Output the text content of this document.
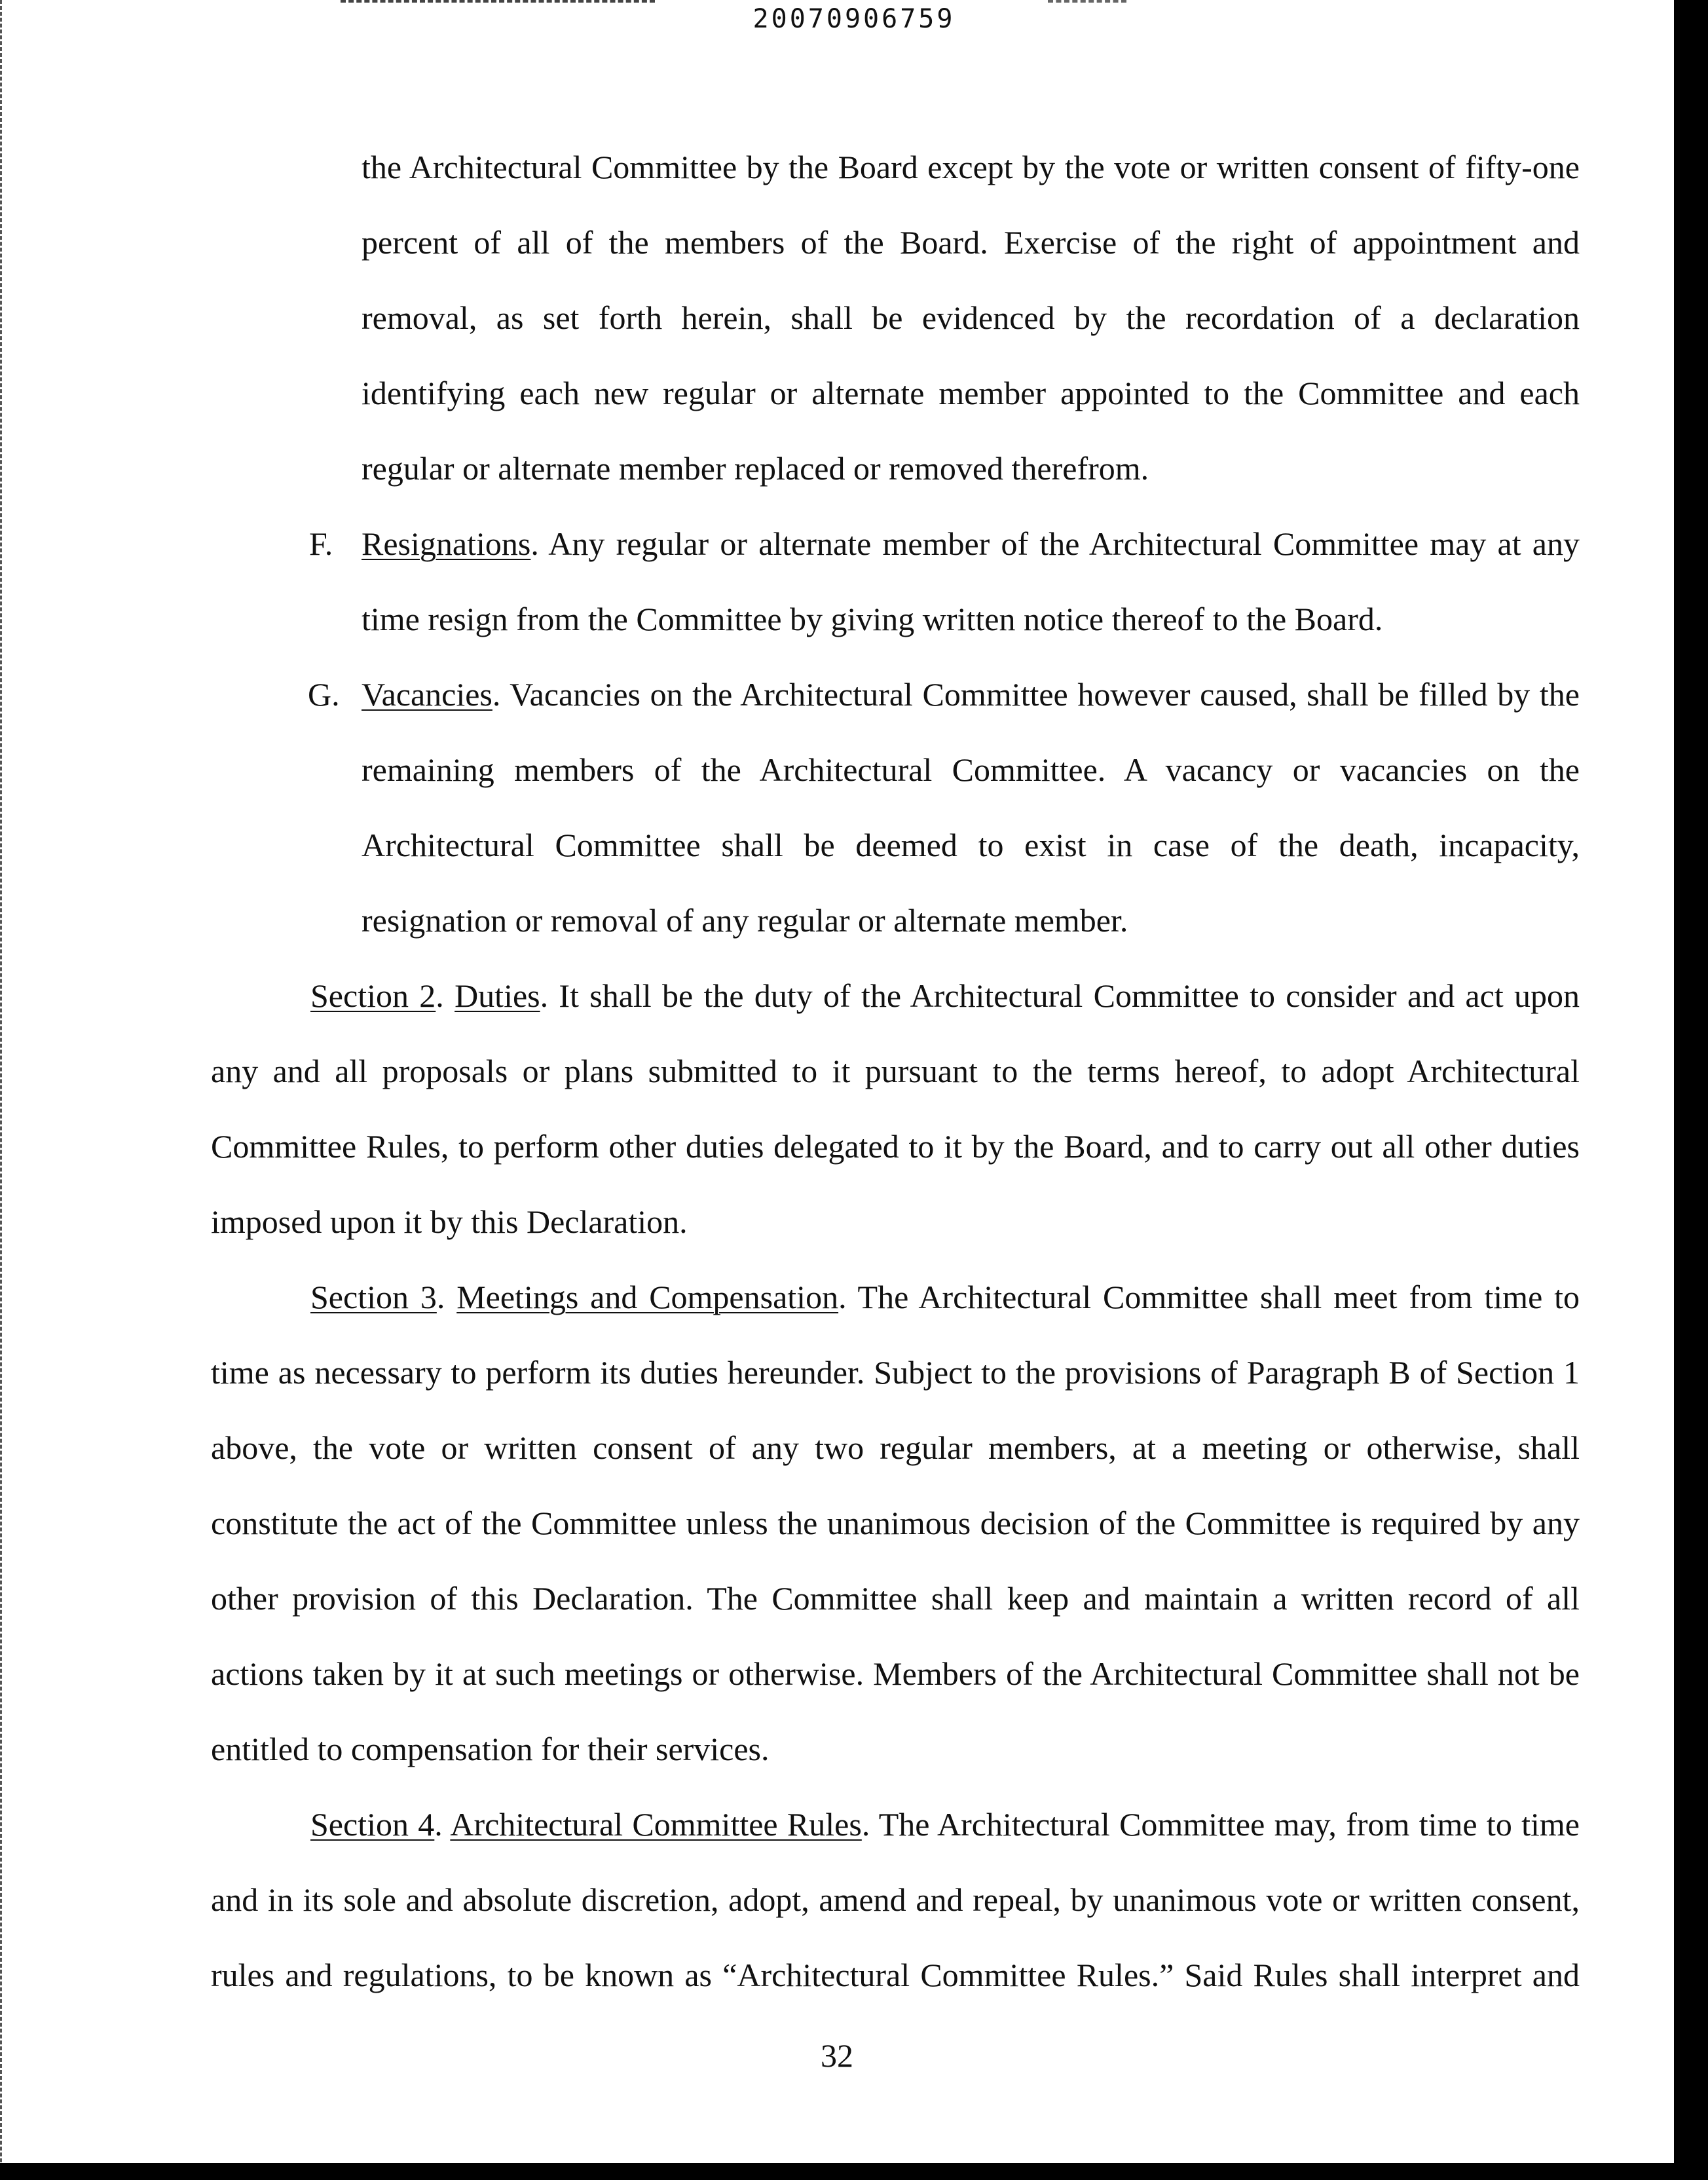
20070906759
the Architectural Committee by the Board except by the vote or written consent of fifty-one
percent of all of the members of the Board. Exercise of the right of appointment and
removal, as set forth herein, shall be evidenced by the recordation of a declaration
identifying each new regular or alternate member appointed to the Committee and each
regular or alternate member replaced or removed therefrom.
F. Resignations. Any regular or alternate member of the Architectural Committee may at any
time resign from the Committee by giving written notice thereof to the Board.
G. Vacancies. Vacancies on the Architectural Committee however caused, shall be filled by the
remaining members of the Architectural Committee. A vacancy or vacancies on the
Architectural Committee shall be deemed to exist in case of the death, incapacity,
resignation or removal of any regular or alternate member.
Section 2. Duties. It shall be the duty of the Architectural Committee to consider and act upon
any and all proposals or plans submitted to it pursuant to the terms hereof, to adopt Architectural
Committee Rules, to perform other duties delegated to it by the Board, and to carry out all other duties
imposed upon it by this Declaration.
Section 3. Meetings and Compensation. The Architectural Committee shall meet from time to
time as necessary to perform its duties hereunder. Subject to the provisions of Paragraph B of Section 1
above, the vote or written consent of any two regular members, at a meeting or otherwise, shall
constitute the act of the Committee unless the unanimous decision of the Committee is required by any
other provision of this Declaration. The Committee shall keep and maintain a written record of all
actions taken by it at such meetings or otherwise. Members of the Architectural Committee shall not be
entitled to compensation for their services.
Section 4. Architectural Committee Rules. The Architectural Committee may, from time to time
and in its sole and absolute discretion, adopt, amend and repeal, by unanimous vote or written consent,
rules and regulations, to be known as “Architectural Committee Rules.” Said Rules shall interpret and
32
